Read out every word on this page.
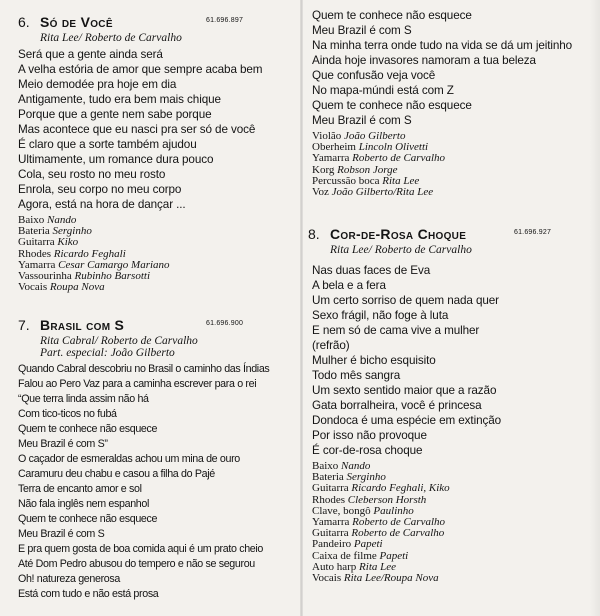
6. Só de Você	61.696.897
Rita Lee/ Roberto de Carvalho
Será que a gente ainda será
A velha estória de amor que sempre acaba bem
Meio demodée pra hoje em dia
Antigamente, tudo era bem mais chique
Porque que a gente nem sabe porque
Mas acontece que eu nasci pra ser só de você
É claro que a sorte também ajudou
Ultimamente, um romance dura pouco
Cola, seu rosto no meu rosto
Enrola, seu corpo no meu corpo
Agora, está na hora de dançar ...
Baixo Nando
Bateria Serginho
Guitarra Kiko
Rhodes Ricardo Feghali
Yamarra Cesar Camargo Mariano
Vassourinha Rubinho Barsotti
Vocais Roupa Nova
7. Brasil com S	61.696.900
Rita Cabral/ Roberto de Carvalho
Part. especial: João Gilberto
Quando Cabral descobriu no Brasil o caminho das Índias
Falou ao Pero Vaz para a caminha escrever para o rei
“Que terra linda assim não há
Com tico-ticos no fubá
Quem te conhece não esquece
Meu Brazil é com S”
O caçador de esmeraldas achou um mina de ouro
Caramuru deu chabu e casou a filha do Pajé
Terra de encanto amor e sol
Não fala inglês nem espanhol
Quem te conhece não esquece
Meu Brazil é com S
E pra quem gosta de boa comida aqui é um prato cheio
Até Dom Pedro abusou do tempero e não se segurou
Oh! natureza generosa
Está com tudo e não está prosa
Quem te conhece não esquece
Meu Brazil é com S
Na minha terra onde tudo na vida se dá um jeitinho
Ainda hoje invasores namoram a tua beleza
Que confusão veja você
No mapa-múndi está com Z
Quem te conhece não esquece
Meu Brazil é com S
Violão João Gilberto
Oberheim Lincoln Olivetti
Yamarra Roberto de Carvalho
Korg Robson Jorge
Percussão boca Rita Lee
Voz João Gilberto/Rita Lee
8. Cor-de-Rosa Choque	61.696.927
Rita Lee/ Roberto de Carvalho
Nas duas faces de Eva
A bela e a fera
Um certo sorriso de quem nada quer
Sexo frágil, não foge à luta
E nem só de cama vive a mulher
(refrão)
Mulher é bicho esquisito
Todo mês sangra
Um sexto sentido maior que a razão
Gata borralheira, você é princesa
Dondoca é uma espécie em extinção
Por isso não provoque
É cor-de-rosa choque
Baixo Nando
Bateria Serginho
Guitarra Ricardo Feghali, Kiko
Rhodes Cleberson Horsth
Clave, bongô Paulinho
Yamarra Roberto de Carvalho
Guitarra Roberto de Carvalho
Pandeiro Papeti
Caixa de filme Papeti
Auto harp Rita Lee
Vocais Rita Lee/Roupa Nova
